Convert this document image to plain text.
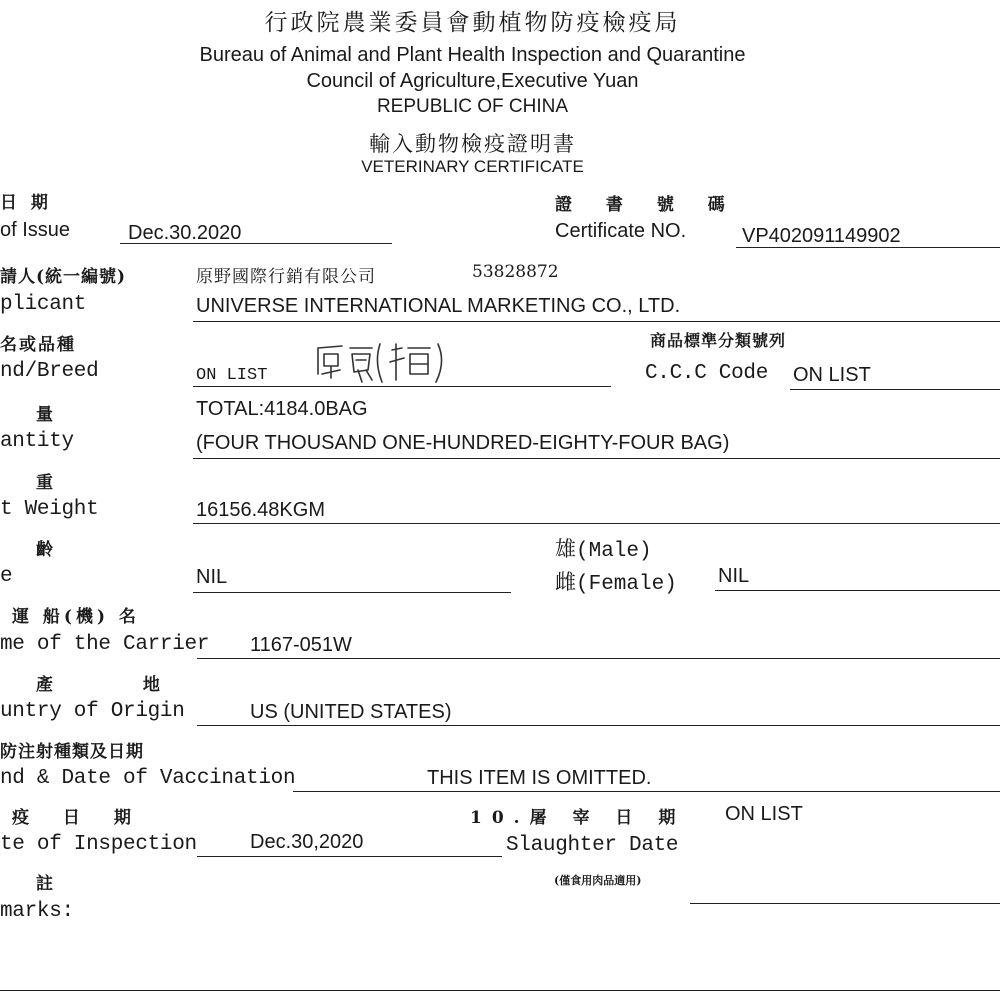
行政院農業委員會動植物防疫檢疫局
Bureau of Animal and Plant Health Inspection and Quarantine
Council of Agriculture,Executive Yuan
REPUBLIC OF CHINA
輸入動物檢疫證明書
VETERINARY CERTIFICATE
日 期
of Issue	Dec.30.2020
證 書 號 碼
Certificate NO.	VP402091149902
請人(統一編號)
plicant
原野國際行銷有限公司	53828872
UNIVERSE INTERNATIONAL MARKETING CO., LTD.
名或品種
nd/Breed	ON LIST
商品標準分類號列
C.C.C Code ON LIST
量
antity
TOTAL:4184.0BAG
(FOUR THOUSAND ONE-HUNDRED-EIGHTY-FOUR BAG)
重
t Weight	16156.48KGM
齡
e	NIL
雄(Male)
雌(Female) NIL
運 船(機) 名
me of the Carrier 1167-051W
產 地
untry of Origin	US (UNITED STATES)
防注射種類及日期
nd & Date of Vaccination	THIS ITEM IS OMITTED.
疫 日 期
te of Inspection	Dec.30,2020
10.屠 宰 日 期
Slaughter Date
ON LIST
(僅食用肉品適用)
註
marks:
